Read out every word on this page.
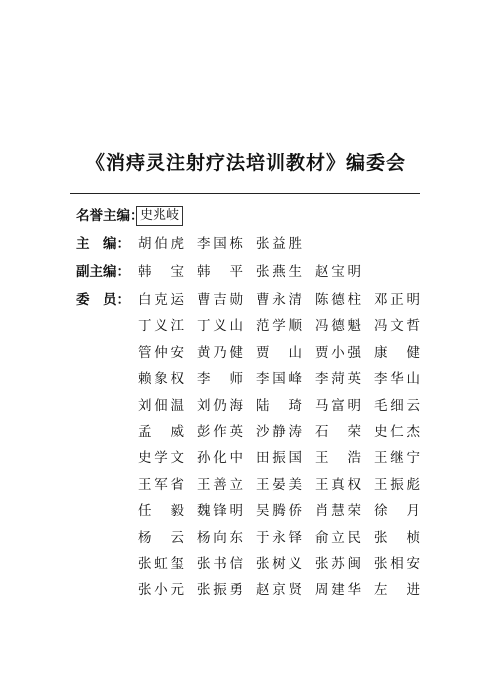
《消痔灵注射疗法培训教材》编委会
名誉主编：
史兆岐
主　编： 胡伯虎 李国栋 张益胜
副主编： 韩　宝 韩　平 张燕生 赵宝明
委　员： 白克运 曹吉勋 曹永清 陈德柱 邓正明
丁义江 丁义山 范学顺 冯德魁 冯文哲
管仲安 黄乃健 贾　山 贾小强 康　健
赖象权 李　师 李国峰 李菏英 李华山
刘佃温 刘仍海 陆　琦 马富明 毛细云
孟　威 彭作英 沙静涛 石　荣 史仁杰
史学文 孙化中 田振国 王　浩 王继宁
王军省 王善立 王晏美 王真权 王振彪
任　毅 魏锋明 吴腾侨 肖慧荣 徐　月
杨　云 杨向东 于永铎 俞立民 张　桢
张虹玺 张书信 张树义 张苏闽 张相安
张小元 张振勇 赵京贤 周建华 左　进
